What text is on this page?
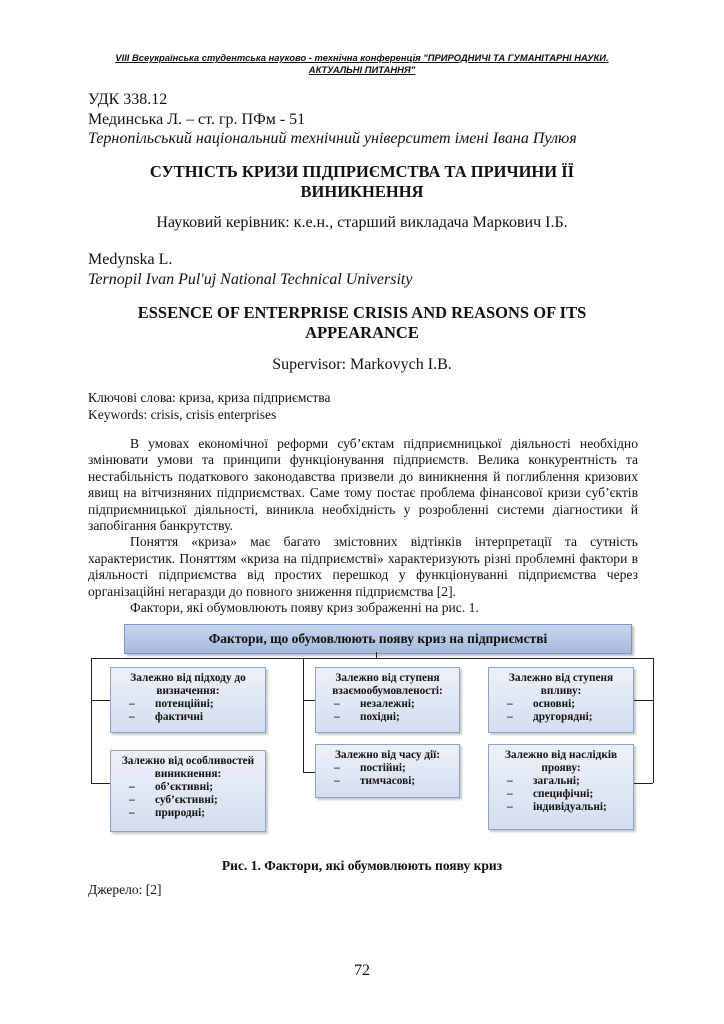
VIII Всеукраїнська студентська науково - технічна конференція "ПРИРОДНИЧІ ТА ГУМАНІТАРНІ НАУКИ.
АКТУАЛЬНІ ПИТАННЯ"
УДК 338.12
Мединська Л. – ст. гр. ПФм - 51
Тернопільський національний технічний університет імені Івана Пулюя
СУТНІСТЬ КРИЗИ ПІДПРИЄМСТВА ТА ПРИЧИНИ ЇЇ
ВИНИКНЕННЯ
Науковий керівник: к.е.н., старший викладача Маркович І.Б.
Medynska L.
Ternopil Ivan Pul'uj National Technical University
ESSENCE OF ENTERPRISE CRISIS AND REASONS OF ITS
APPEARANCE
Supervisor: Markovych I.B.
Ключові слова: криза, криза підприємства
Keywords: crisis, crisis enterprises

В умовах економічної реформи суб’єктам підприємницької діяльності необхідно змінювати умови та принципи функціонування підприємств. Велика конкурентність та нестабільність податкового законодавства призвели до виникнення й поглиблення кризових явищ на вітчизняних підприємствах. Саме тому постає проблема фінансової кризи суб’єктів підприємницької діяльності, виникла необхідність у розробленні системи діагностики й запобігання банкрутству.

Поняття «криза» має багато змістовних відтінків інтерпретації та сутність характеристик. Поняттям «криза на підприємстві» характеризують різні проблемні фактори в діяльності підприємства від простих перешкод у функціонуванні підприємства через організаційні негаразди до повного зниження підприємства [2].

Фактори, які обумовлюють появу криз зображенні на рис. 1.

Фактори, що обумовлюють появу криз на підприємстві
Залежно від підходу до визначення:
– потенційні;
– фактичні
Залежно від ступеня взаємообумовленості:
– незалежні;
– похідні;
Залежно від ступеня впливу:
– основні;
– другорядні;
Залежно від особливостей виникнення:
– об’єктивні;
– суб’єктивні;
– природні;
Залежно від часу дії:
– постійні;
– тимчасові;
Залежно від наслідків прояву:
– загальні;
– специфічні;
– індивідуальні;
Рис. 1. Фактори, які обумовлюють появу криз
Джерело: [2]
72
